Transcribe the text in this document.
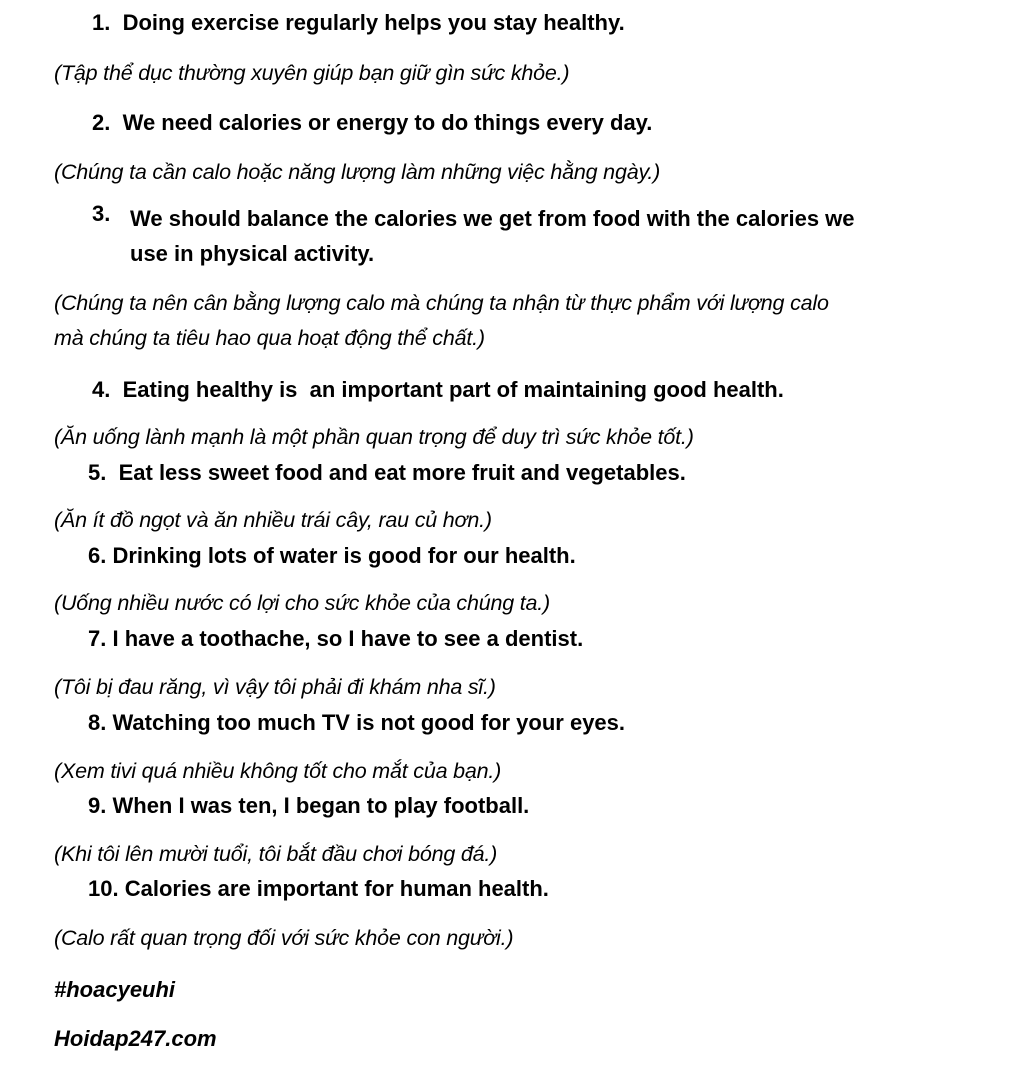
1. Doing exercise regularly helps you stay healthy.
(Tập thể dục thường xuyên giúp bạn giữ gìn sức khỏe.)
2. We need calories or energy to do things every day.
(Chúng ta cần calo hoặc năng lượng làm những việc hằng ngày.)
3. We should balance the calories we get from food with the calories we
use in physical activity.
(Chúng ta nên cân bằng lượng calo mà chúng ta nhận từ thực phẩm với lượng calo
mà chúng ta tiêu hao qua hoạt động thể chất.)
4. Eating healthy is  an important part of maintaining good health.
(Ăn uống lành mạnh là một phần quan trọng để duy trì sức khỏe tốt.)
5. Eat less sweet food and eat more fruit and vegetables.
(Ăn ít đồ ngọt và ăn nhiều trái cây, rau củ hơn.)
6. Drinking lots of water is good for our health.
(Uống nhiều nước có lợi cho sức khỏe của chúng ta.)
7. I have a toothache, so I have to see a dentist.
(Tôi bị đau răng, vì vậy tôi phải đi khám nha sĩ.)
8. Watching too much TV is not good for your eyes.
(Xem tivi quá nhiều không tốt cho mắt của bạn.)
9. When I was ten, I began to play football.
(Khi tôi lên mười tuổi, tôi bắt đầu chơi bóng đá.)
10. Calories are important for human health.
(Calo rất quan trọng đối với sức khỏe con người.)
#hoacyeuhi
Hoidap247.com
